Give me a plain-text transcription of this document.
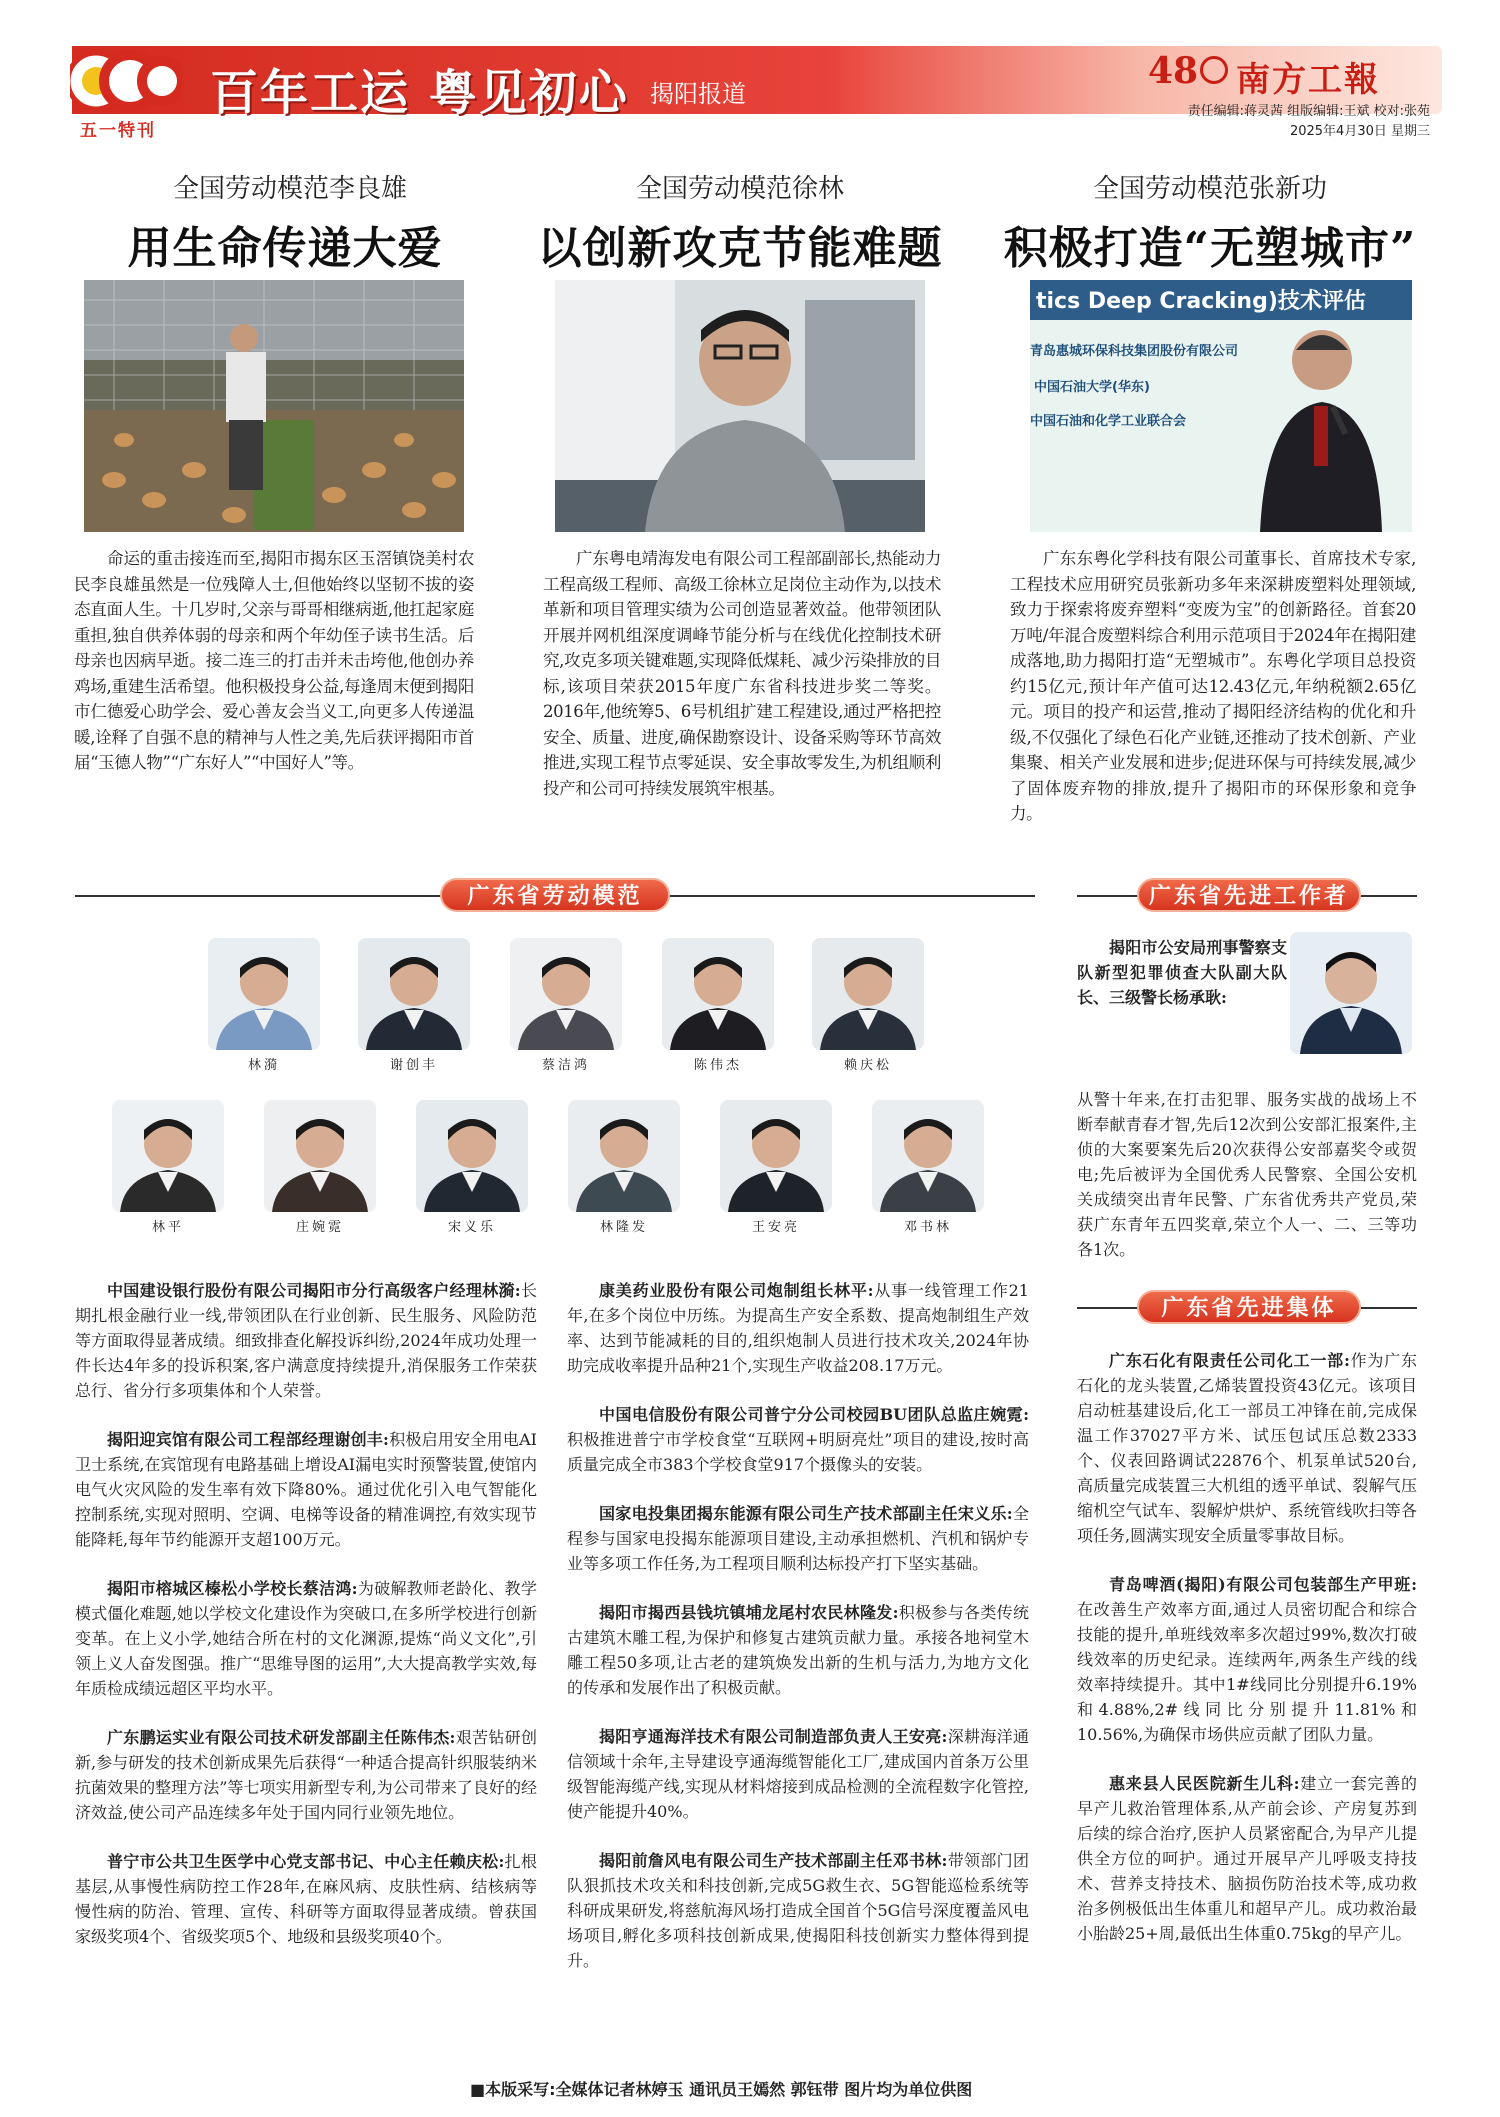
五一特刊
百年工运 粤见初心 揭阳报道
48 南方工報
责任编辑:蒋灵茜 组版编辑:王斌 校对:张苑
2025年4月30日 星期三
全国劳动模范李良雄
用生命传递大爱
命运的重击接连而至,揭阳市揭东区玉滘镇饶美村农民李良雄虽然是一位残障人士,但他始终以坚韧不拔的姿态直面人生。十几岁时,父亲与哥哥相继病逝,他扛起家庭重担,独自供养体弱的母亲和两个年幼侄子读书生活。后母亲也因病早逝。接二连三的打击并未击垮他,他创办养鸡场,重建生活希望。他积极投身公益,每逢周末便到揭阳市仁德爱心助学会、爱心善友会当义工,向更多人传递温暖,诠释了自强不息的精神与人性之美,先后获评揭阳市首届“玉德人物”“广东好人”“中国好人”等。
全国劳动模范徐林
以创新攻克节能难题
广东粤电靖海发电有限公司工程部副部长,热能动力工程高级工程师、高级工徐林立足岗位主动作为,以技术革新和项目管理实绩为公司创造显著效益。他带领团队开展并网机组深度调峰节能分析与在线优化控制技术研究,攻克多项关键难题,实现降低煤耗、减少污染排放的目标,该项目荣获2015年度广东省科技进步奖二等奖。2016年,他统筹5、6号机组扩建工程建设,通过严格把控安全、质量、进度,确保勘察设计、设备采购等环节高效推进,实现工程节点零延误、安全事故零发生,为机组顺利投产和公司可持续发展筑牢根基。
全国劳动模范张新功
积极打造“无塑城市”
tics Deep Cracking)技术评估
青岛惠城环保科技集团股份有限公司
中国石油大学(华东)
中国石油和化学工业联合会
广东东粤化学科技有限公司董事长、首席技术专家,工程技术应用研究员张新功多年来深耕废塑料处理领域,致力于探索将废弃塑料“变废为宝”的创新路径。首套20万吨/年混合废塑料综合利用示范项目于2024年在揭阳建成落地,助力揭阳打造“无塑城市”。东粤化学项目总投资约15亿元,预计年产值可达12.43亿元,年纳税额2.65亿元。项目的投产和运营,推动了揭阳经济结构的优化和升级,不仅强化了绿色石化产业链,还推动了技术创新、产业集聚、相关产业发展和进步;促进环保与可持续发展,减少了固体废弃物的排放,提升了揭阳市的环保形象和竞争力。
广东省劳动模范	广东省先进工作者
林漪	谢创丰	蔡洁鸿	陈伟杰	赖庆松
林平	庄婉霓	宋义乐	林隆发	王安亮	邓书林
揭阳市公安局刑事警察支队新型犯罪侦查大队副大队长、三级警长杨承耿:
从警十年来,在打击犯罪、服务实战的战场上不断奉献青春才智,先后12次到公安部汇报案件,主侦的大案要案先后20次获得公安部嘉奖令或贺电;先后被评为全国优秀人民警察、全国公安机关成绩突出青年民警、广东省优秀共产党员,荣获广东青年五四奖章,荣立个人一、二、三等功各1次。
中国建设银行股份有限公司揭阳市分行高级客户经理林漪:长期扎根金融行业一线,带领团队在行业创新、民生服务、风险防范等方面取得显著成绩。细致排查化解投诉纠纷,2024年成功处理一件长达4年多的投诉积案,客户满意度持续提升,消保服务工作荣获总行、省分行多项集体和个人荣誉。
揭阳迎宾馆有限公司工程部经理谢创丰:积极启用安全用电AI卫士系统,在宾馆现有电路基础上增设AI漏电实时预警装置,使馆内电气火灾风险的发生率有效下降80%。通过优化引入电气智能化控制系统,实现对照明、空调、电梯等设备的精准调控,有效实现节能降耗,每年节约能源开支超100万元。
揭阳市榕城区榛松小学校长蔡洁鸿:为破解教师老龄化、教学模式僵化难题,她以学校文化建设作为突破口,在多所学校进行创新变革。在上义小学,她结合所在村的文化渊源,提炼“尚义文化”,引领上义人奋发图强。推广“思维导图的运用”,大大提高教学实效,每年质检成绩远超区平均水平。
广东鹏运实业有限公司技术研发部副主任陈伟杰:艰苦钻研创新,参与研发的技术创新成果先后获得“一种适合提高针织服装纳米抗菌效果的整理方法”等七项实用新型专利,为公司带来了良好的经济效益,使公司产品连续多年处于国内同行业领先地位。
普宁市公共卫生医学中心党支部书记、中心主任赖庆松:扎根基层,从事慢性病防控工作28年,在麻风病、皮肤性病、结核病等慢性病的防治、管理、宣传、科研等方面取得显著成绩。曾获国家级奖项4个、省级奖项5个、地级和县级奖项40个。
康美药业股份有限公司炮制组长林平:从事一线管理工作21年,在多个岗位中历练。为提高生产安全系数、提高炮制组生产效率、达到节能减耗的目的,组织炮制人员进行技术攻关,2024年协助完成收率提升品种21个,实现生产收益208.17万元。
中国电信股份有限公司普宁分公司校园BU团队总监庄婉霓:积极推进普宁市学校食堂“互联网+明厨亮灶”项目的建设,按时高质量完成全市383个学校食堂917个摄像头的安装。
国家电投集团揭东能源有限公司生产技术部副主任宋义乐:全程参与国家电投揭东能源项目建设,主动承担燃机、汽机和锅炉专业等多项工作任务,为工程项目顺利达标投产打下坚实基础。
揭阳市揭西县钱坑镇埔龙尾村农民林隆发:积极参与各类传统古建筑木雕工程,为保护和修复古建筑贡献力量。承接各地祠堂木雕工程50多项,让古老的建筑焕发出新的生机与活力,为地方文化的传承和发展作出了积极贡献。
揭阳亨通海洋技术有限公司制造部负责人王安亮:深耕海洋通信领域十余年,主导建设亨通海缆智能化工厂,建成国内首条万公里级智能海缆产线,实现从材料熔接到成品检测的全流程数字化管控,使产能提升40%。
揭阳前詹风电有限公司生产技术部副主任邓书林:带领部门团队狠抓技术攻关和科技创新,完成5G救生衣、5G智能巡检系统等科研成果研发,将慈航海风场打造成全国首个5G信号深度覆盖风电场项目,孵化多项科技创新成果,使揭阳科技创新实力整体得到提升。
广东省先进集体
广东石化有限责任公司化工一部:作为广东石化的龙头装置,乙烯装置投资43亿元。该项目启动桩基建设后,化工一部员工冲锋在前,完成保温工作37027平方米、试压包试压总数2333个、仪表回路调试22876个、机泵单试520台,高质量完成装置三大机组的透平单试、裂解气压缩机空气试车、裂解炉烘炉、系统管线吹扫等各项任务,圆满实现安全质量零事故目标。
青岛啤酒(揭阳)有限公司包装部生产甲班:在改善生产效率方面,通过人员密切配合和综合技能的提升,单班线效率多次超过99%,数次打破线效率的历史纪录。连续两年,两条生产线的线效率持续提升。其中1#线同比分别提升6.19%和4.88%,2#线同比分别提升11.81%和10.56%,为确保市场供应贡献了团队力量。
惠来县人民医院新生儿科:建立一套完善的早产儿救治管理体系,从产前会诊、产房复苏到后续的综合治疗,医护人员紧密配合,为早产儿提供全方位的呵护。通过开展早产儿呼吸支持技术、营养支持技术、脑损伤防治技术等,成功救治多例极低出生体重儿和超早产儿。成功救治最小胎龄25+周,最低出生体重0.75kg的早产儿。
■本版采写:全媒体记者林婷玉 通讯员王嫣然 郭钰带 图片均为单位供图
